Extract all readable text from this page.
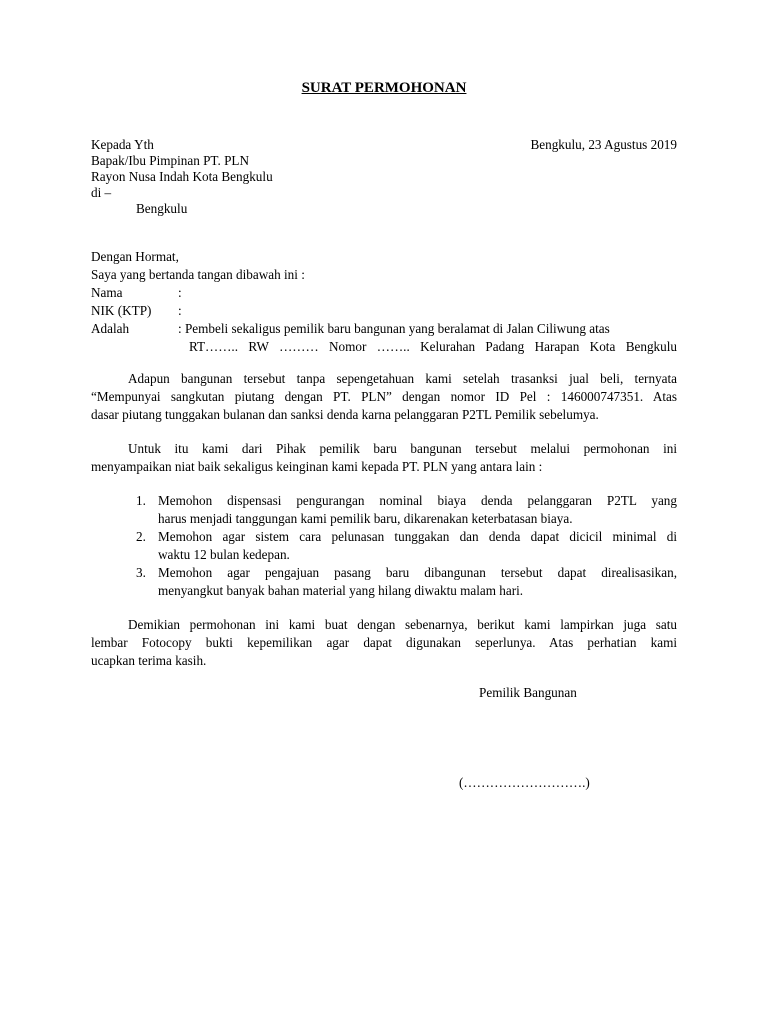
SURAT PERMOHONAN
Kepada Yth	Bengkulu, 23 Agustus 2019
Bapak/Ibu Pimpinan PT. PLN
Rayon Nusa Indah Kota Bengkulu
di –
Bengkulu
Dengan Hormat,
Saya yang bertanda tangan dibawah ini :
Nama	:
NIK (KTP) :
Adalah	: Pembeli sekaligus pemilik baru bangunan yang beralamat di Jalan Ciliwung atas
RT…….. RW ……… Nomor …….. Kelurahan Padang Harapan Kota Bengkulu
Adapun bangunan tersebut tanpa sepengetahuan kami setelah trasanksi jual beli, ternyata
“Mempunyai sangkutan piutang dengan PT. PLN” dengan nomor ID Pel : 146000747351. Atas
dasar piutang tunggakan bulanan dan sanksi denda karna pelanggaran P2TL Pemilik sebelumya.
Untuk itu kami dari Pihak pemilik baru bangunan tersebut melalui permohonan ini
menyampaikan niat baik sekaligus keinginan kami kepada PT. PLN yang antara lain :
1. Memohon dispensasi pengurangan nominal biaya denda pelanggaran P2TL yang
harus menjadi tanggungan kami pemilik baru, dikarenakan keterbatasan biaya.
2. Memohon agar sistem cara pelunasan tunggakan dan denda dapat dicicil minimal di
waktu 12 bulan kedepan.
3. Memohon agar pengajuan pasang baru dibangunan tersebut dapat direalisasikan,
menyangkut banyak bahan material yang hilang diwaktu malam hari.
Demikian permohonan ini kami buat dengan sebenarnya, berikut kami lampirkan juga satu
lembar Fotocopy bukti kepemilikan agar dapat digunakan seperlunya. Atas perhatian kami
ucapkan terima kasih.
Pemilik Bangunan
(……………………….)
